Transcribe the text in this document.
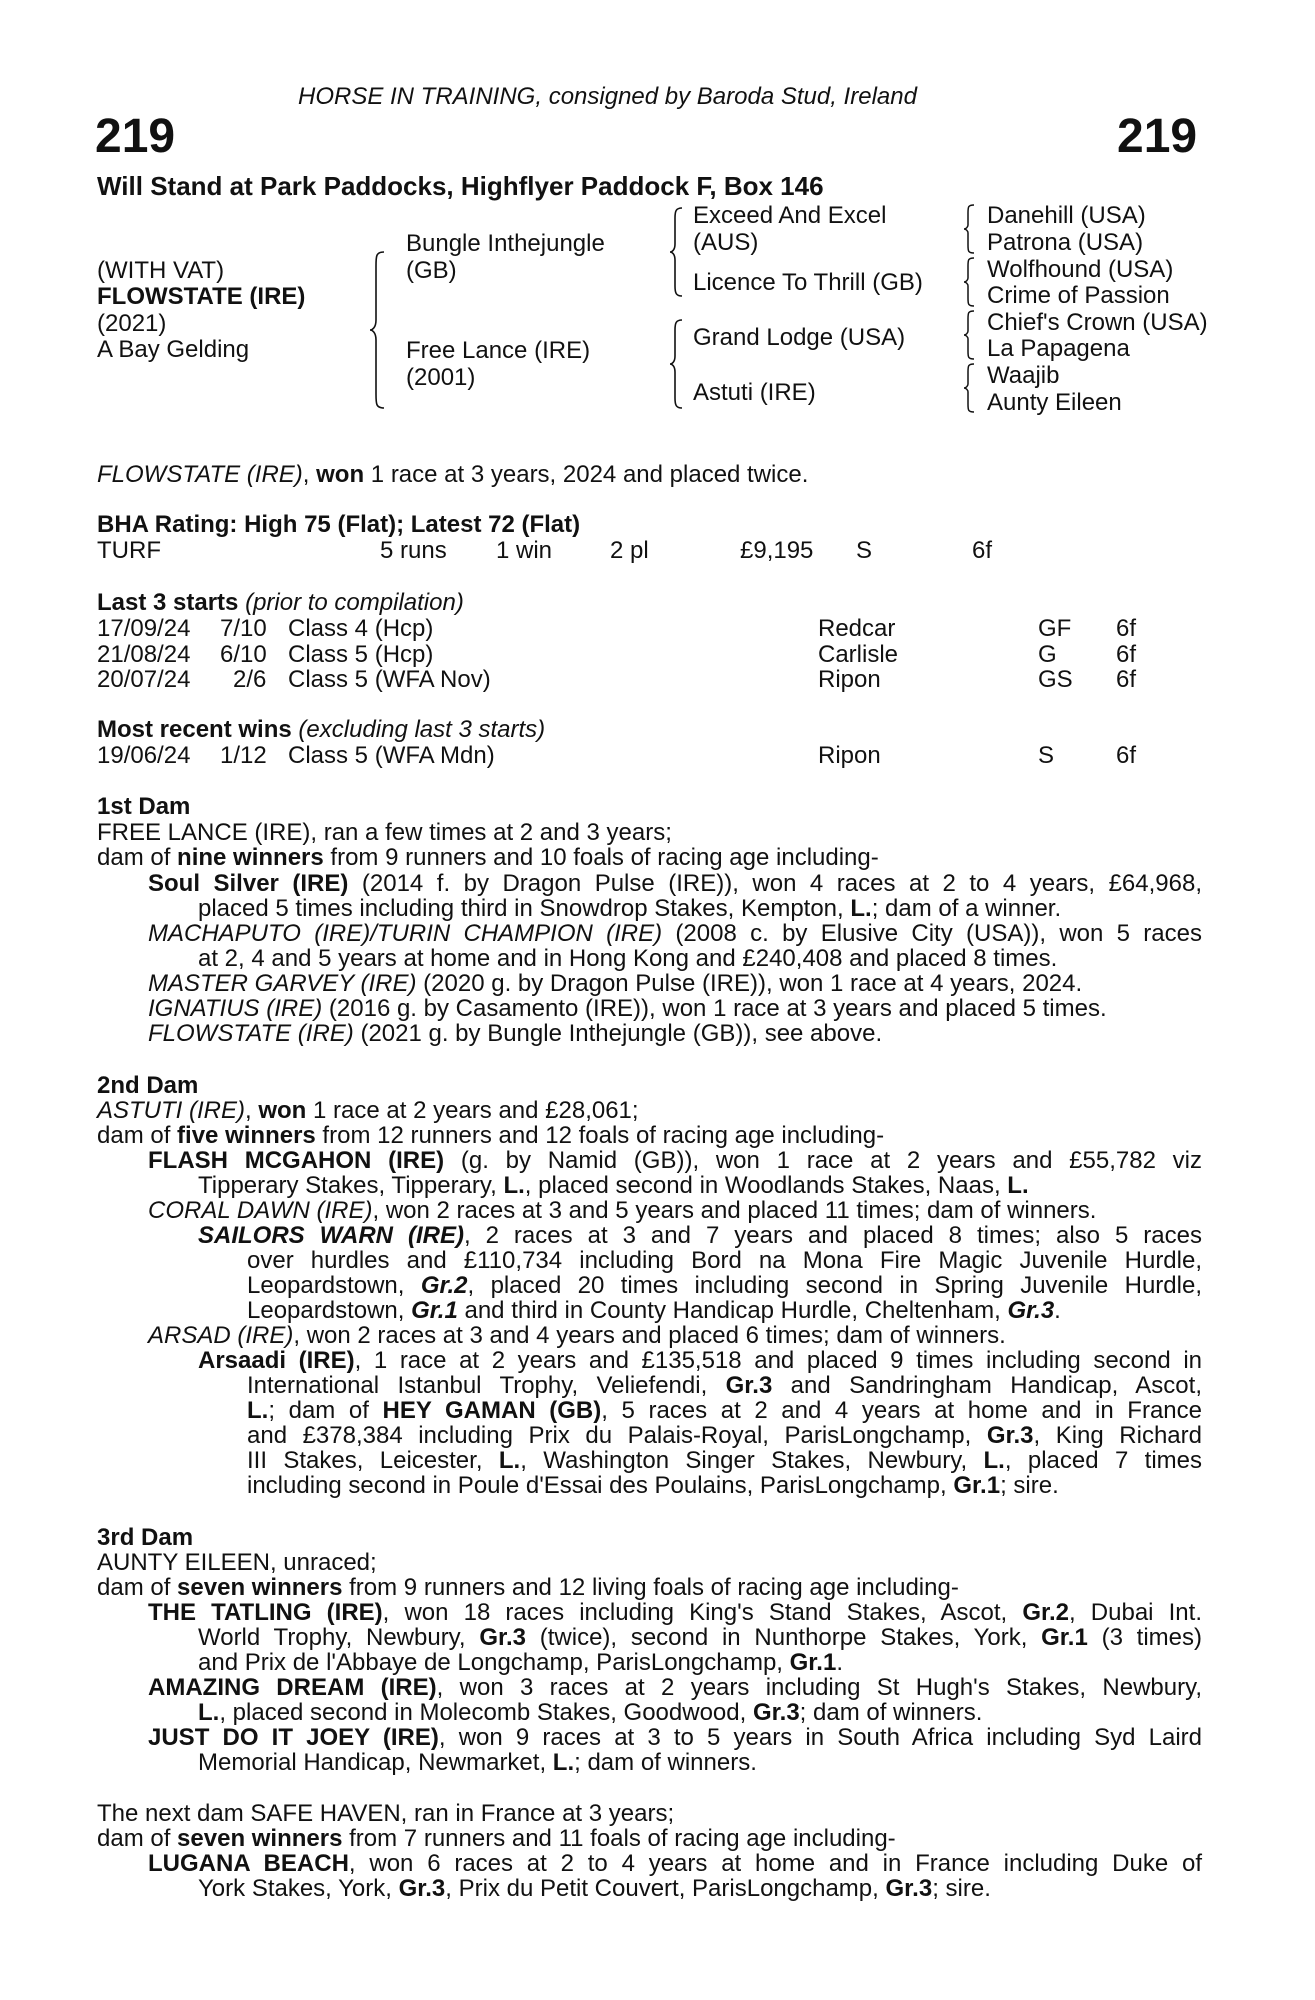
HORSE IN TRAINING, consigned by Baroda Stud, Ireland
219	219
Will Stand at Park Paddocks, Highflyer Paddock F, Box 146
(WITH VAT)
FLOWSTATE (IRE)
(2021)
A Bay Gelding
Bungle Inthejungle
(GB)
Free Lance (IRE)
(2001)
Exceed And Excel
(AUS)
Licence To Thrill (GB)
Grand Lodge (USA)
Astuti (IRE)
Danehill (USA)
Patrona (USA)
Wolfhound (USA)
Crime of Passion
Chief's Crown (USA)
La Papagena
Waajib
Aunty Eileen
FLOWSTATE (IRE), won 1 race at 3 years, 2024 and placed twice.
BHA Rating: High 75 (Flat); Latest 72 (Flat)
TURF	5 runs 1 win 2 pl	£9,195 S	6f
Last 3 starts (prior to compilation)
17/09/24 7/10 Class 4 (Hcp)	Redcar	GF 6f
21/08/24 6/10 Class 5 (Hcp)	Carlisle	G 6f
20/07/24 2/6 Class 5 (WFA Nov)	Ripon	GS 6f
Most recent wins (excluding last 3 starts)
19/06/24 1/12 Class 5 (WFA Mdn)	Ripon	S	6f
1st Dam
FREE LANCE (IRE), ran a few times at 2 and 3 years;
dam of nine winners from 9 runners and 10 foals of racing age including-
Soul Silver (IRE) (2014 f. by Dragon Pulse (IRE)), won 4 races at 2 to 4 years, £64,968,
placed 5 times including third in Snowdrop Stakes, Kempton, L.; dam of a winner.
MACHAPUTO (IRE)/TURIN CHAMPION (IRE) (2008 c. by Elusive City (USA)), won 5 races
at 2, 4 and 5 years at home and in Hong Kong and £240,408 and placed 8 times.
MASTER GARVEY (IRE) (2020 g. by Dragon Pulse (IRE)), won 1 race at 4 years, 2024.
IGNATIUS (IRE) (2016 g. by Casamento (IRE)), won 1 race at 3 years and placed 5 times.
FLOWSTATE (IRE) (2021 g. by Bungle Inthejungle (GB)), see above.
2nd Dam
ASTUTI (IRE), won 1 race at 2 years and £28,061;
dam of five winners from 12 runners and 12 foals of racing age including-
FLASH MCGAHON (IRE) (g. by Namid (GB)), won 1 race at 2 years and £55,782 viz
Tipperary Stakes, Tipperary, L., placed second in Woodlands Stakes, Naas, L.
CORAL DAWN (IRE), won 2 races at 3 and 5 years and placed 11 times; dam of winners.
SAILORS WARN (IRE), 2 races at 3 and 7 years and placed 8 times; also 5 races
over hurdles and £110,734 including Bord na Mona Fire Magic Juvenile Hurdle,
Leopardstown, Gr.2, placed 20 times including second in Spring Juvenile Hurdle,
Leopardstown, Gr.1 and third in County Handicap Hurdle, Cheltenham, Gr.3.
ARSAD (IRE), won 2 races at 3 and 4 years and placed 6 times; dam of winners.
Arsaadi (IRE), 1 race at 2 years and £135,518 and placed 9 times including second in
International Istanbul Trophy, Veliefendi, Gr.3 and Sandringham Handicap, Ascot,
L.; dam of HEY GAMAN (GB), 5 races at 2 and 4 years at home and in France
and £378,384 including Prix du Palais-Royal, ParisLongchamp, Gr.3, King Richard
III Stakes, Leicester, L., Washington Singer Stakes, Newbury, L., placed 7 times
including second in Poule d'Essai des Poulains, ParisLongchamp, Gr.1; sire.
3rd Dam
AUNTY EILEEN, unraced;
dam of seven winners from 9 runners and 12 living foals of racing age including-
THE TATLING (IRE), won 18 races including King's Stand Stakes, Ascot, Gr.2, Dubai Int.
World Trophy, Newbury, Gr.3 (twice), second in Nunthorpe Stakes, York, Gr.1 (3 times)
and Prix de l'Abbaye de Longchamp, ParisLongchamp, Gr.1.
AMAZING DREAM (IRE), won 3 races at 2 years including St Hugh's Stakes, Newbury,
L., placed second in Molecomb Stakes, Goodwood, Gr.3; dam of winners.
JUST DO IT JOEY (IRE), won 9 races at 3 to 5 years in South Africa including Syd Laird
Memorial Handicap, Newmarket, L.; dam of winners.
The next dam SAFE HAVEN, ran in France at 3 years;
dam of seven winners from 7 runners and 11 foals of racing age including-
LUGANA BEACH, won 6 races at 2 to 4 years at home and in France including Duke of
York Stakes, York, Gr.3, Prix du Petit Couvert, ParisLongchamp, Gr.3; sire.
